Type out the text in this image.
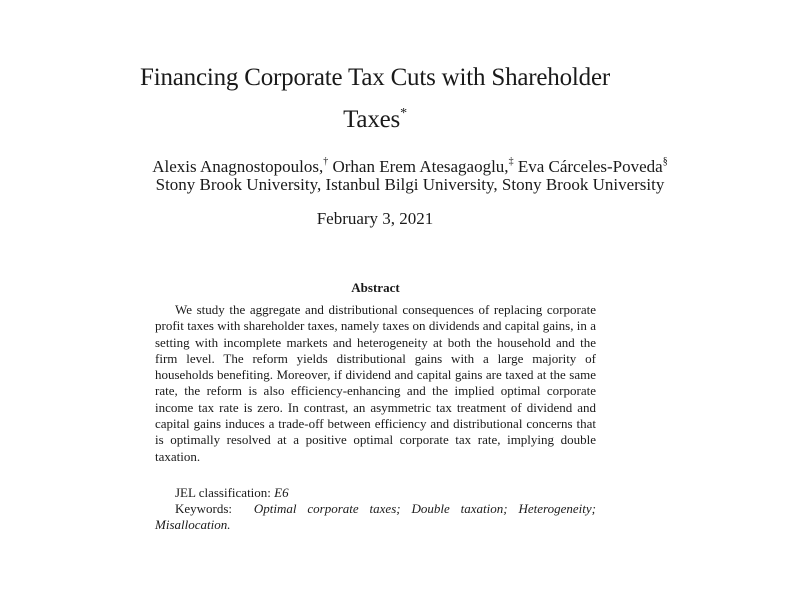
Financing Corporate Tax Cuts with Shareholder
Taxes*
Alexis Anagnostopoulos,† Orhan Erem Atesagaoglu,‡ Eva Cárceles-Poveda§
Stony Brook University, Istanbul Bilgi University, Stony Brook University
February 3, 2021
Abstract

We study the aggregate and distributional consequences of replacing corporate profit taxes with shareholder taxes, namely taxes on dividends and capital gains, in a setting with incomplete markets and heterogeneity at both the household and the firm level. The reform yields distributional gains with a large majority of households benefiting. Moreover, if dividend and capital gains are taxed at the same rate, the reform is also efficiency-enhancing and the implied optimal corporate income tax rate is zero. In contrast, an asymmetric tax treatment of dividend and capital gains induces a trade-off between efficiency and distributional concerns that is optimally resolved at a positive optimal corporate tax rate, implying double taxation.

JEL classification: E6

Keywords: Optimal corporate taxes; Double taxation; Heterogeneity; Misallocation.
